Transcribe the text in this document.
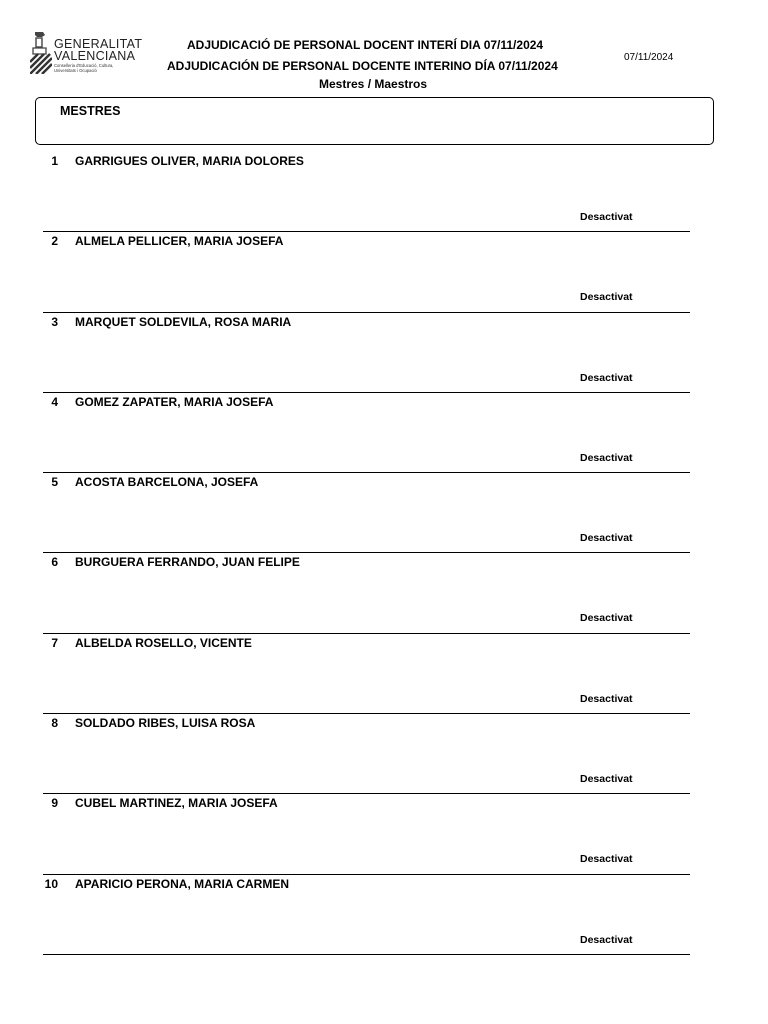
GENERALITAT
VALENCIANA
Conselleria d'Educació, Cultura,
Universitats i Ocupació
ADJUDICACIÓ DE PERSONAL DOCENT INTERÍ DIA 07/11/2024
ADJUDICACIÓN DE PERSONAL DOCENTE INTERINO DÍA 07/11/2024
Mestres / Maestros
07/11/2024
MESTRES
1 GARRIGUES OLIVER, MARIA DOLORES
Desactivat
2 ALMELA PELLICER, MARIA JOSEFA
Desactivat
3 MARQUET SOLDEVILA, ROSA MARIA
Desactivat
4 GOMEZ ZAPATER, MARIA JOSEFA
Desactivat
5 ACOSTA BARCELONA, JOSEFA
Desactivat
6 BURGUERA FERRANDO, JUAN FELIPE
Desactivat
7 ALBELDA ROSELLO, VICENTE
Desactivat
8 SOLDADO RIBES, LUISA ROSA
Desactivat
9 CUBEL MARTINEZ, MARIA JOSEFA
Desactivat
10 APARICIO PERONA, MARIA CARMEN
Desactivat
